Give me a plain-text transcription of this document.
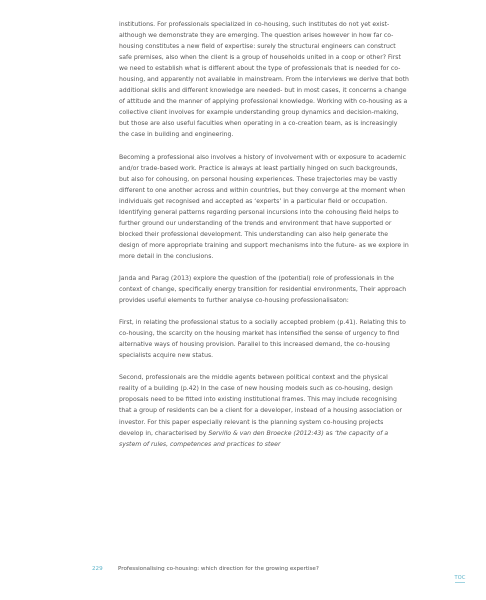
institutions. For professionals specialized in co-housing, such institutes do not yet exist- although we demonstrate they are emerging. The question arises however in how far co-housing constitutes a new field of expertise: surely the structural engineers can construct safe premises, also when the client is a group of households united in a coop or other? First we need to establish what is different about the type of professionals that is needed for co-housing, and apparently not available in mainstream. From the interviews we derive that both additional skills and different knowledge are needed- but in most cases, it concerns a change of attitude and the manner of applying professional knowledge. Working with co-housing as a collective client involves for example understanding group dynamics and decision-making, but those are also useful faculties when operating in a co-creation team, as is increasingly the case in building and engineering.

Becoming a professional also involves a history of involvement with or exposure to academic and/or trade-based work. Practice is always at least partially hinged on such backgrounds, but also for cohousing, on personal housing experiences. These trajectories may be vastly different to one another across and within countries, but they converge at the moment when individuals get recognised and accepted as ‘experts’ in a particular field or occupation. Identifying general patterns regarding personal incursions into the cohousing field helps to further ground our understanding of the trends and environment that have supported or blocked their professional development. This understanding can also help generate the design of more appropriate training and support mechanisms into the future- as we explore in more detail in the conclusions.

Janda and Parag (2013) explore the question of the (potential) role of professionals in the context of change, specifically energy transition for residential environments, Their approach provides useful elements to further analyse co-housing professionalisaton:

First, in relating the professional status to a socially accepted problem (p.41). Relating this to co-housing, the scarcity on the housing market has intensified the sense of urgency to find alternative ways of housing provision. Parallel to this increased demand, the co-housing specialists acquire new status.

Second, professionals are the middle agents between political context and the physical reality of a building (p.42) In the case of new housing models such as co-housing, design proposals need to be fitted into existing institutional frames. This may include recognising that a group of residents can be a client for a developer, instead of a housing association or investor. For this paper especially relevant is the planning system co-housing projects develop in, characterised by Servillo & van den Broecke (2012:43) as ‘the capacity of a system of rules, competences and practices to steer

229	Professionalising co-housing: which direction for the growing expertise?
TOC
